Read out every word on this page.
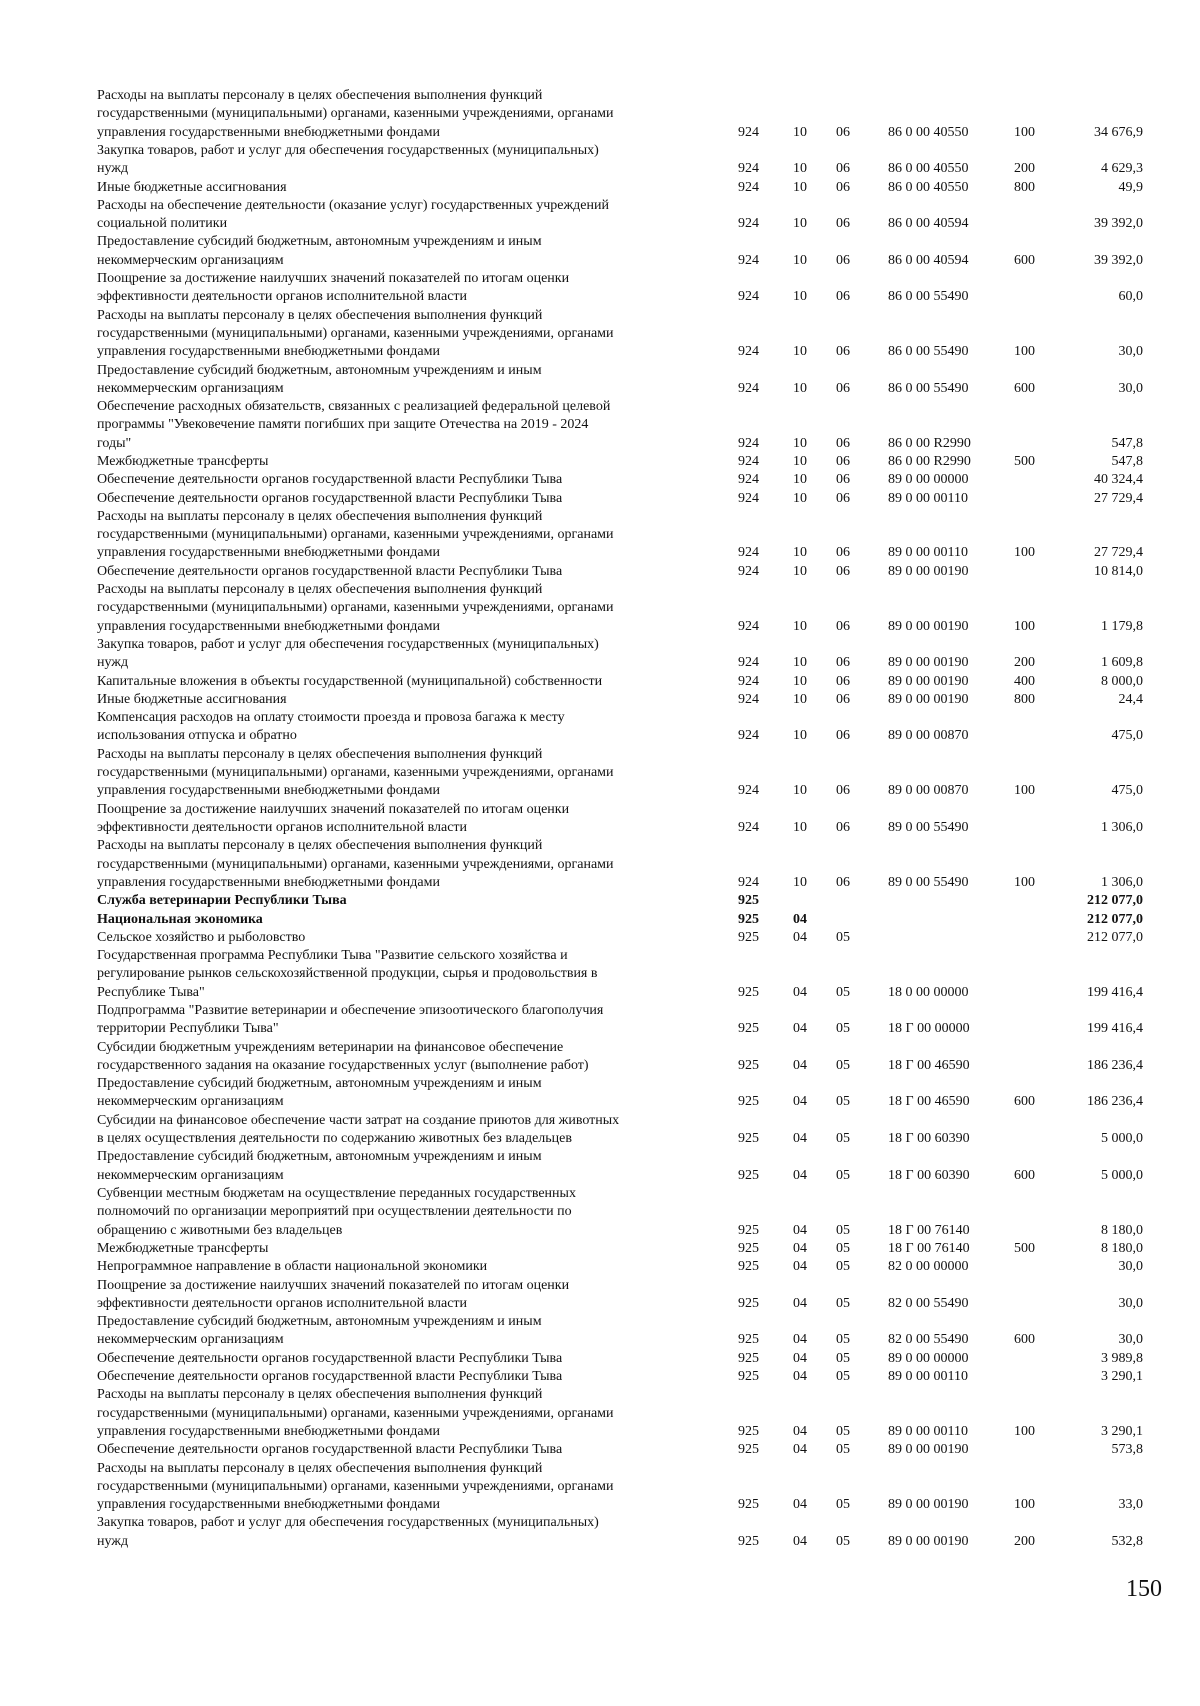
Расходы на выплаты персоналу в целях обеспечения выполнения функций
государственными (муниципальными) органами, казенными учреждениями, органами
управления государственными внебюджетными фондами	924 10 06	86 0 00 40550	100	34 676,9
Закупка товаров, работ и услуг для обеспечения государственных (муниципальных)
нужд	924 10 06	86 0 00 40550	200	4 629,3
Иные бюджетные ассигнования	924 10 06	86 0 00 40550	800	49,9
Расходы на обеспечение деятельности (оказание услуг) государственных учреждений
социальной политики	924 10 06	86 0 00 40594	39 392,0
Предоставление субсидий бюджетным, автономным учреждениям и иным
некоммерческим организациям	924 10 06	86 0 00 40594	600	39 392,0
Поощрение за достижение наилучших значений показателей по итогам оценки
эффективности деятельности органов исполнительной власти	924 10 06	86 0 00 55490	60,0
Расходы на выплаты персоналу в целях обеспечения выполнения функций
государственными (муниципальными) органами, казенными учреждениями, органами
управления государственными внебюджетными фондами	924 10 06	86 0 00 55490	100	30,0
Предоставление субсидий бюджетным, автономным учреждениям и иным
некоммерческим организациям	924 10 06	86 0 00 55490	600	30,0
Обеспечение расходных обязательств, связанных с реализацией федеральной целевой
программы "Увековечение памяти погибших при защите Отечества на 2019 - 2024
годы"	924 10 06	86 0 00 R2990	547,8
Межбюджетные трансферты	924 10 06	86 0 00 R2990	500	547,8
Обеспечение деятельности органов государственной власти Республики Тыва	924 10 06	89 0 00 00000	40 324,4
Обеспечение деятельности органов государственной власти Республики Тыва	924 10 06	89 0 00 00110	27 729,4
Расходы на выплаты персоналу в целях обеспечения выполнения функций
государственными (муниципальными) органами, казенными учреждениями, органами
управления государственными внебюджетными фондами	924 10 06	89 0 00 00110	100	27 729,4
Обеспечение деятельности органов государственной власти Республики Тыва	924 10 06	89 0 00 00190	10 814,0
Расходы на выплаты персоналу в целях обеспечения выполнения функций
государственными (муниципальными) органами, казенными учреждениями, органами
управления государственными внебюджетными фондами	924 10 06	89 0 00 00190	100	1 179,8
Закупка товаров, работ и услуг для обеспечения государственных (муниципальных)
нужд	924 10 06	89 0 00 00190	200	1 609,8
Капитальные вложения в объекты государственной (муниципальной) собственности	924 10 06	89 0 00 00190	400	8 000,0
Иные бюджетные ассигнования	924 10 06	89 0 00 00190	800	24,4
Компенсация расходов на оплату стоимости проезда и провоза багажа к месту
использования отпуска и обратно	924 10 06	89 0 00 00870	475,0
Расходы на выплаты персоналу в целях обеспечения выполнения функций
государственными (муниципальными) органами, казенными учреждениями, органами
управления государственными внебюджетными фондами	924 10 06	89 0 00 00870	100	475,0
Поощрение за достижение наилучших значений показателей по итогам оценки
эффективности деятельности органов исполнительной власти	924 10 06	89 0 00 55490	1 306,0
Расходы на выплаты персоналу в целях обеспечения выполнения функций
государственными (муниципальными) органами, казенными учреждениями, органами
управления государственными внебюджетными фондами	924 10 06	89 0 00 55490	100	1 306,0
Служба ветеринарии Республики Тыва	925	212 077,0
Национальная экономика	925 04	212 077,0
Сельское хозяйство и рыболовство	925 04 05	212 077,0
Государственная программа Республики Тыва "Развитие сельского хозяйства и
регулирование рынков сельскохозяйственной продукции, сырья и продовольствия в
Республике Тыва"	925 04 05	18 0 00 00000	199 416,4
Подпрограмма "Развитие ветеринарии и обеспечение эпизоотического благополучия
территории Республики Тыва"	925 04 05	18 Г 00 00000	199 416,4
Субсидии бюджетным учреждениям ветеринарии на финансовое обеспечение
государственного задания на оказание государственных услуг (выполнение работ)	925 04 05	18 Г 00 46590	186 236,4
Предоставление субсидий бюджетным, автономным учреждениям и иным
некоммерческим организациям	925 04 05	18 Г 00 46590	600	186 236,4
Субсидии на финансовое обеспечение части затрат на создание приютов для животных
в целях осуществления деятельности по содержанию животных без владельцев	925 04 05	18 Г 00 60390	5 000,0
Предоставление субсидий бюджетным, автономным учреждениям и иным
некоммерческим организациям	925 04 05	18 Г 00 60390	600	5 000,0
Субвенции местным бюджетам на осуществление переданных государственных
полномочий по организации мероприятий при осуществлении деятельности по
обращению с животными без владельцев	925 04 05	18 Г 00 76140	8 180,0
Межбюджетные трансферты	925 04 05	18 Г 00 76140	500	8 180,0
Непрограммное направление в области национальной экономики	925 04 05	82 0 00 00000	30,0
Поощрение за достижение наилучших значений показателей по итогам оценки
эффективности деятельности органов исполнительной власти	925 04 05	82 0 00 55490	30,0
Предоставление субсидий бюджетным, автономным учреждениям и иным
некоммерческим организациям	925 04 05	82 0 00 55490	600	30,0
Обеспечение деятельности органов государственной власти Республики Тыва	925 04 05	89 0 00 00000	3 989,8
Обеспечение деятельности органов государственной власти Республики Тыва	925 04 05	89 0 00 00110	3 290,1
Расходы на выплаты персоналу в целях обеспечения выполнения функций
государственными (муниципальными) органами, казенными учреждениями, органами
управления государственными внебюджетными фондами	925 04 05	89 0 00 00110	100	3 290,1
Обеспечение деятельности органов государственной власти Республики Тыва	925 04 05	89 0 00 00190	573,8
Расходы на выплаты персоналу в целях обеспечения выполнения функций
государственными (муниципальными) органами, казенными учреждениями, органами
управления государственными внебюджетными фондами	925 04 05	89 0 00 00190	100	33,0
Закупка товаров, работ и услуг для обеспечения государственных (муниципальных)
нужд	925 04 05	89 0 00 00190	200	532,8
150
